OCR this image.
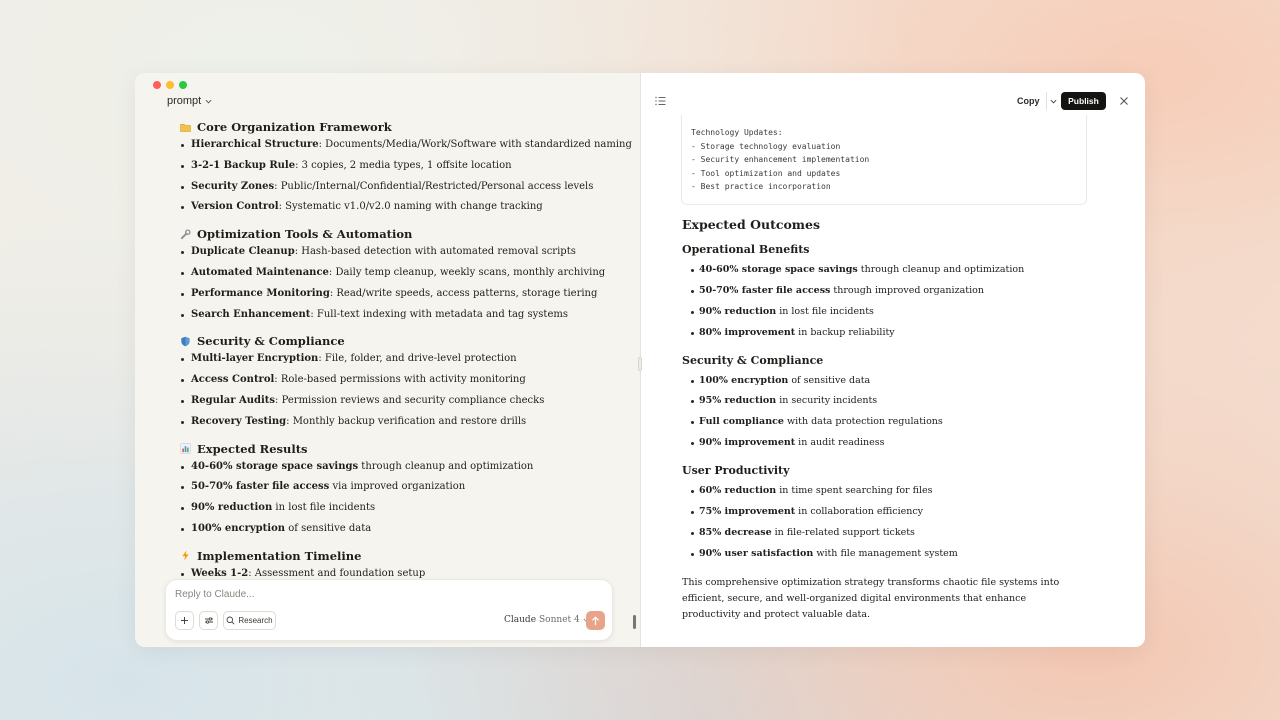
prompt
Core Organization Framework
Hierarchical Structure: Documents/Media/Work/Software with standardized naming
3-2-1 Backup Rule: 3 copies, 2 media types, 1 offsite location
Security Zones: Public/Internal/Confidential/Restricted/Personal access levels
Version Control: Systematic v1.0/v2.0 naming with change tracking
Optimization Tools & Automation
Duplicate Cleanup: Hash-based detection with automated removal scripts
Automated Maintenance: Daily temp cleanup, weekly scans, monthly archiving
Performance Monitoring: Read/write speeds, access patterns, storage tiering
Search Enhancement: Full-text indexing with metadata and tag systems
Security & Compliance
Multi-layer Encryption: File, folder, and drive-level protection
Access Control: Role-based permissions with activity monitoring
Regular Audits: Permission reviews and security compliance checks
Recovery Testing: Monthly backup verification and restore drills
Expected Results
40-60% storage space savings through cleanup and optimization
50-70% faster file access via improved organization
90% reduction in lost file incidents
100% encryption of sensitive data
Implementation Timeline
Weeks 1-2: Assessment and foundation setup
Reply to Claude...
Research	Claude Sonnet 4
Copy	Publish
Technology Updates:
- Storage technology evaluation
- Security enhancement implementation
- Tool optimization and updates
- Best practice incorporation
Expected Outcomes
Operational Benefits
40-60% storage space savings through cleanup and optimization
50-70% faster file access through improved organization
90% reduction in lost file incidents
80% improvement in backup reliability
Security & Compliance
100% encryption of sensitive data
95% reduction in security incidents
Full compliance with data protection regulations
90% improvement in audit readiness
User Productivity
60% reduction in time spent searching for files
75% improvement in collaboration efficiency
85% decrease in file-related support tickets
90% user satisfaction with file management system

This comprehensive optimization strategy transforms chaotic file systems into efficient, secure, and well-organized digital environments that enhance productivity and protect valuable data.
